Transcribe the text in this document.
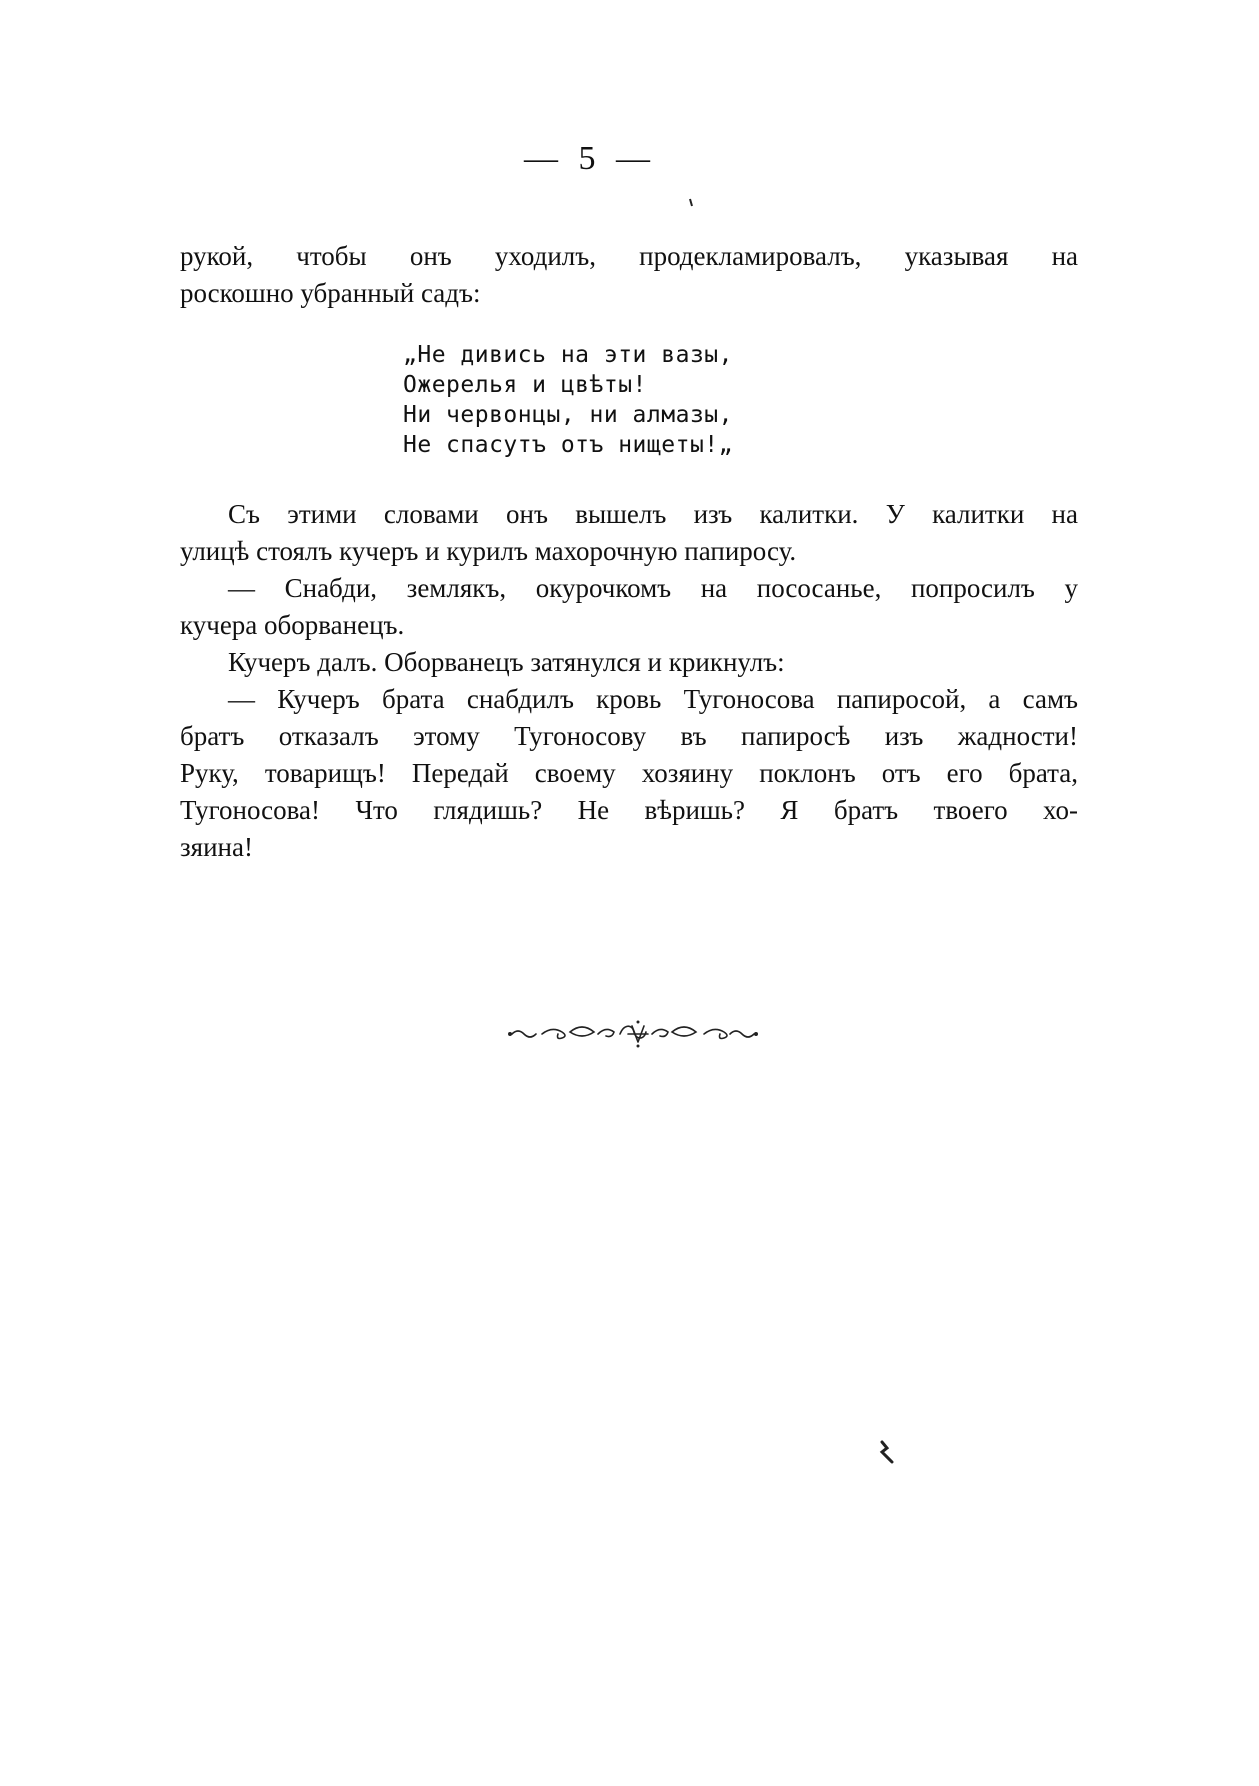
— 5 —
рукой, чтобы онъ уходилъ, продекламировалъ, указывая на
роскошно убранный садъ:
„Не дивись на эти вазы,
Ожерелья и цвѣты!
Ни червонцы, ни алмазы,
Не спасутъ отъ нищеты!„
Съ этими словами онъ вышелъ изъ калитки. У калитки на
улицѣ стоялъ кучеръ и курилъ махорочную папиросу.
— Снабди, землякъ, окурочкомъ на пососанье, попросилъ у
кучера оборванецъ.
Кучеръ далъ. Оборванецъ затянулся и крикнулъ:
— Кучеръ брата снабдилъ кровь Тугоносова папиросой, а самъ
братъ отказалъ этому Тугоносову въ папиросѣ изъ жадности!
Руку, товарищъ! Передай своему хозяину поклонъ отъ его брата,
Тугоносова! Что глядишь? Не вѣришь? Я братъ твоего хо-
зяина!
